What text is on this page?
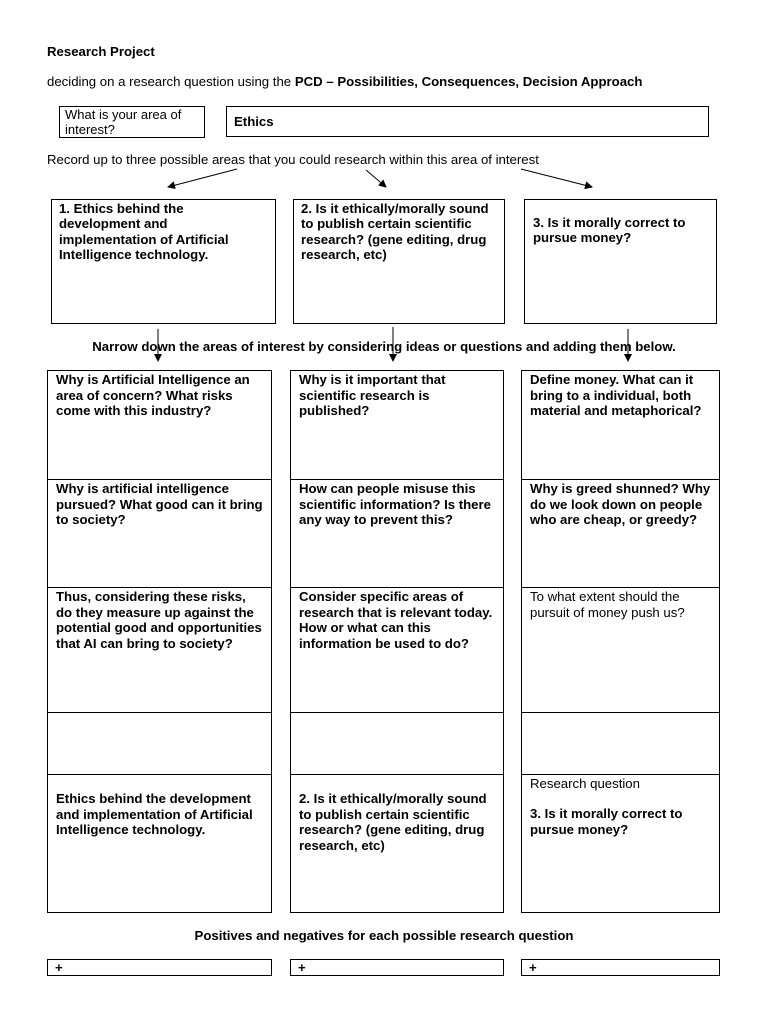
Research Project
deciding on a research question using the PCD – Possibilities, Consequences, Decision Approach
What is your area of interest?
Ethics
Record up to three possible areas that you could research within this area of interest
1. Ethics behind the development and implementation of Artificial Intelligence technology.
2. Is it ethically/morally sound to publish certain scientific research? (gene editing, drug research, etc)
3. Is it morally correct to pursue money?
Narrow down the areas of interest by considering ideas or questions and adding them below.
Why is Artificial Intelligence an area of concern? What risks come with this industry?
Why is artificial intelligence pursued? What good can it bring to society?
Thus, considering these risks, do they measure up against the potential good and opportunities that AI can bring to society?
Ethics behind the development and implementation of Artificial Intelligence technology.
Why is it important that scientific research is published?
How can people misuse this scientific information? Is there any way to prevent this?
Consider specific areas of research that is relevant today. How or what can this information be used to do?
2. Is it ethically/morally sound to publish certain scientific research? (gene editing, drug research, etc)
Define money. What can it bring to a individual, both material and metaphorical?
Why is greed shunned? Why do we look down on people who are cheap, or greedy?
To what extent should the pursuit of money push us?
Research question
3. Is it morally correct to pursue money?
Positives and negatives for each possible research question
+	+	+
